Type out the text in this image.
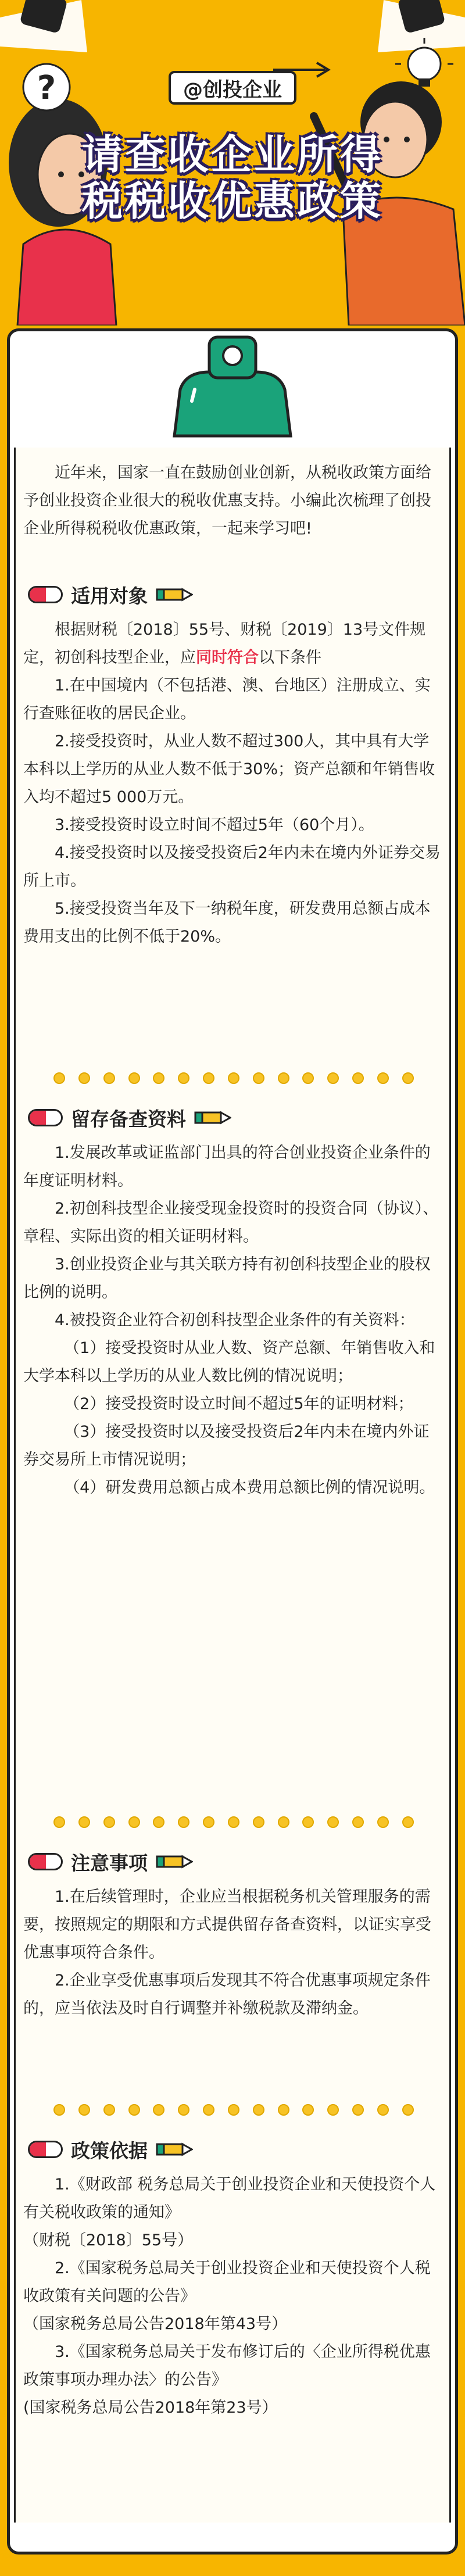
?	@创投企业
请查收企业所得
税税收优惠政策

近年来，国家一直在鼓励创业创新，从税收政策方面给予创业投资企业很大的税收优惠支持。小编此次梳理了创投企业所得税税收优惠政策，一起来学习吧!

适用对象

根据财税〔2018〕55号、财税〔2019〕13号文件规定，初创科技型企业，应同时符合以下条件

1.在中国境内（不包括港、澳、台地区）注册成立、实行查账征收的居民企业。

2.接受投资时，从业人数不超过300人，其中具有大学本科以上学历的从业人数不低于30%；资产总额和年销售收入均不超过5 000万元。

3.接受投资时设立时间不超过5年（60个月）。

4.接受投资时以及接受投资后2年内未在境内外证券交易所上市。

5.接受投资当年及下一纳税年度，研发费用总额占成本费用支出的比例不低于20%。

留存备查资料

1.发展改革或证监部门出具的符合创业投资企业条件的年度证明材料。

2.初创科技型企业接受现金投资时的投资合同（协议）、章程、实际出资的相关证明材料。

3.创业投资企业与其关联方持有初创科技型企业的股权比例的说明。

4.被投资企业符合初创科技型企业条件的有关资料：

（1）接受投资时从业人数、资产总额、年销售收入和大学本科以上学历的从业人数比例的情况说明；

（2）接受投资时设立时间不超过5年的证明材料；

（3）接受投资时以及接受投资后2年内未在境内外证券交易所上市情况说明；

（4）研发费用总额占成本费用总额比例的情况说明。

注意事项

1.在后续管理时，企业应当根据税务机关管理服务的需要，按照规定的期限和方式提供留存备查资料，以证实享受优惠事项符合条件。

2.企业享受优惠事项后发现其不符合优惠事项规定条件的，应当依法及时自行调整并补缴税款及滞纳金。

政策依据

1.《财政部 税务总局关于创业投资企业和天使投资个人有关税收政策的通知》

（财税〔2018〕55号）

2.《国家税务总局关于创业投资企业和天使投资个人税收政策有关问题的公告》

（国家税务总局公告2018年第43号）

3.《国家税务总局关于发布修订后的〈企业所得税优惠政策事项办理办法〉的公告》

(国家税务总局公告2018年第23号）
